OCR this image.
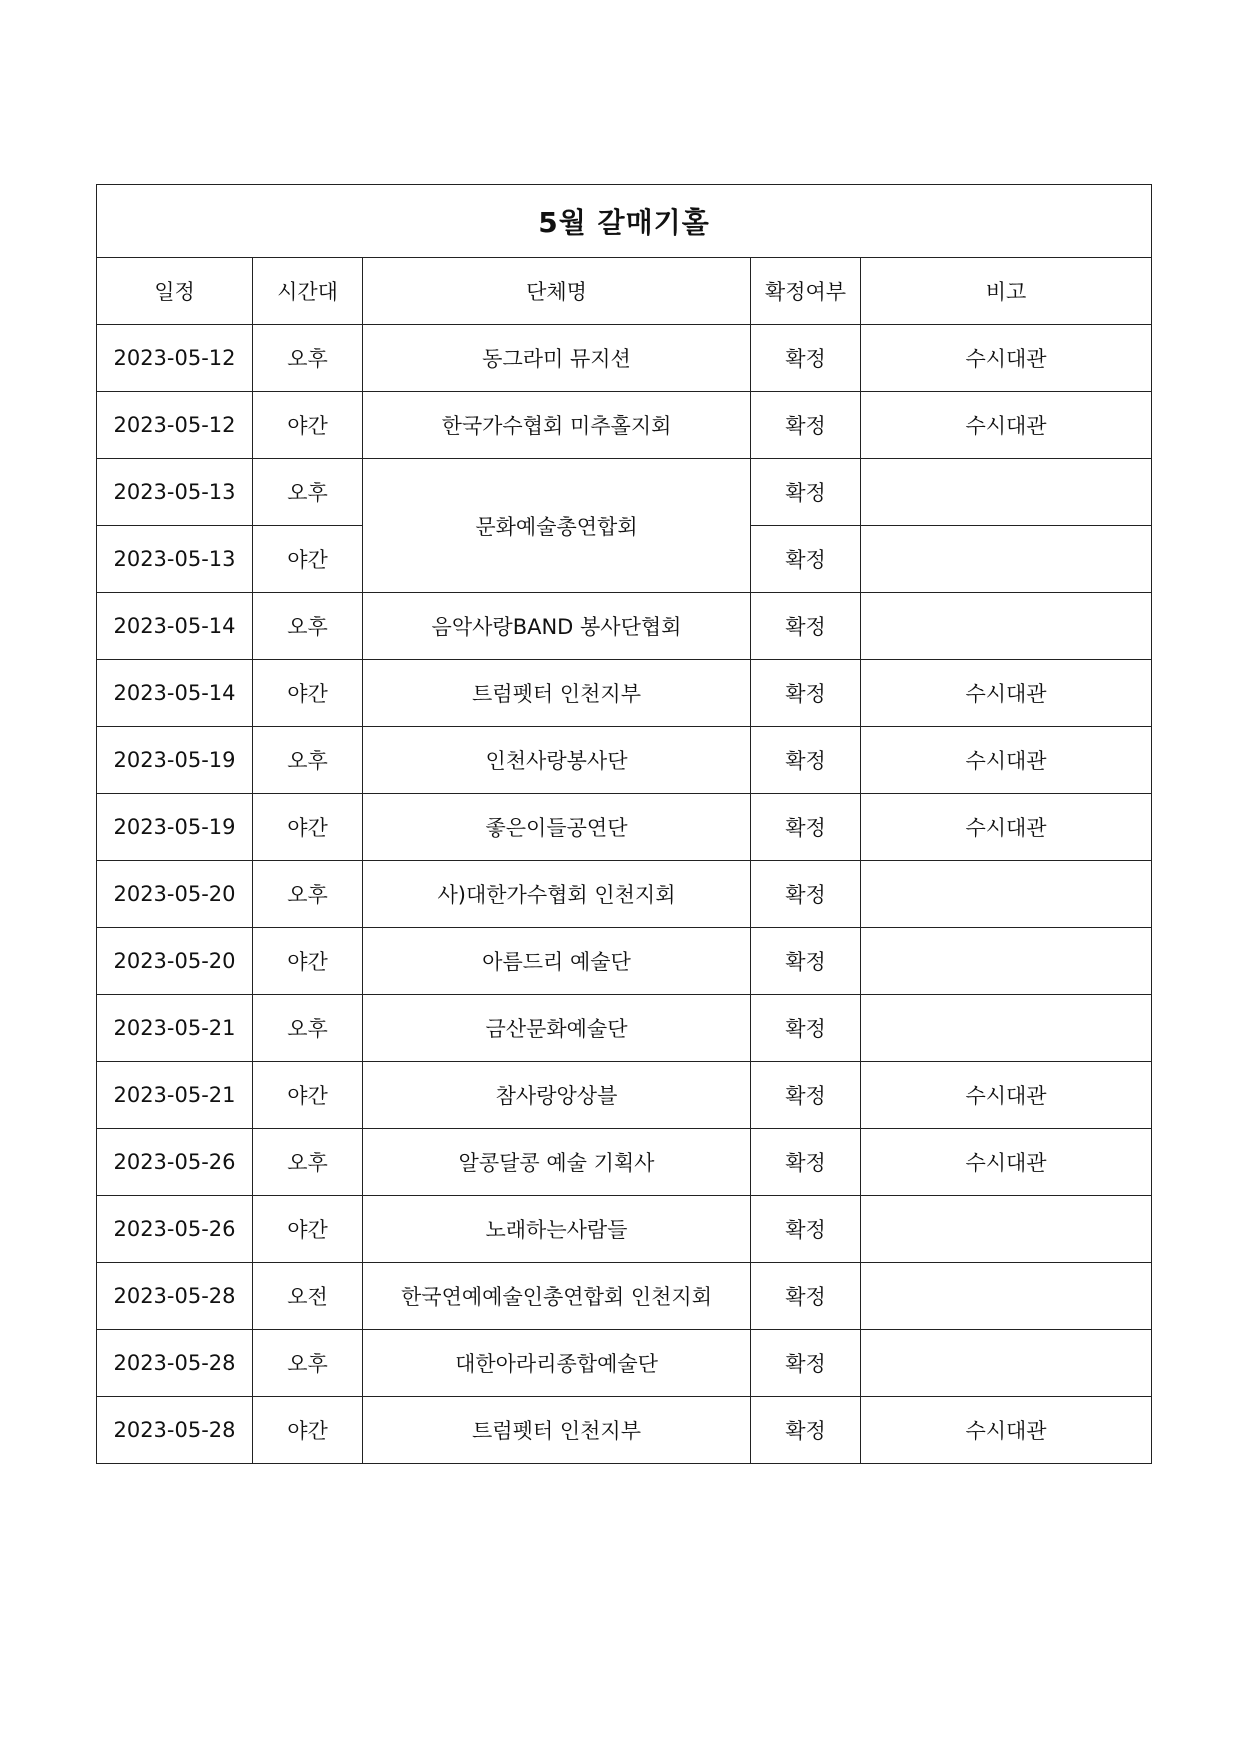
5월 갈매기홀				
일정	시간대	단체명	확정여부	비고
2023-05-12	오후	동그라미 뮤지션	확정	수시대관
2023-05-12	야간	한국가수협회 미추홀지회	확정	수시대관
2023-05-13	오후	문화예술총연합회	확정	
2023-05-13	야간		확정	
2023-05-14	오후	음악사랑BAND 봉사단협회	확정	
2023-05-14	야간	트럼펫터 인천지부	확정	수시대관
2023-05-19	오후	인천사랑봉사단	확정	수시대관
2023-05-19	야간	좋은이들공연단	확정	수시대관
2023-05-20	오후	사)대한가수협회 인천지회	확정	
2023-05-20	야간	아름드리 예술단	확정	
2023-05-21	오후	금산문화예술단	확정	
2023-05-21	야간	참사랑앙상블	확정	수시대관
2023-05-26	오후	알콩달콩 예술 기획사	확정	수시대관
2023-05-26	야간	노래하는사람들	확정	
2023-05-28	오전	한국연예예술인총연합회 인천지회	확정	
2023-05-28	오후	대한아라리종합예술단	확정	
2023-05-28	야간	트럼펫터 인천지부	확정	수시대관
